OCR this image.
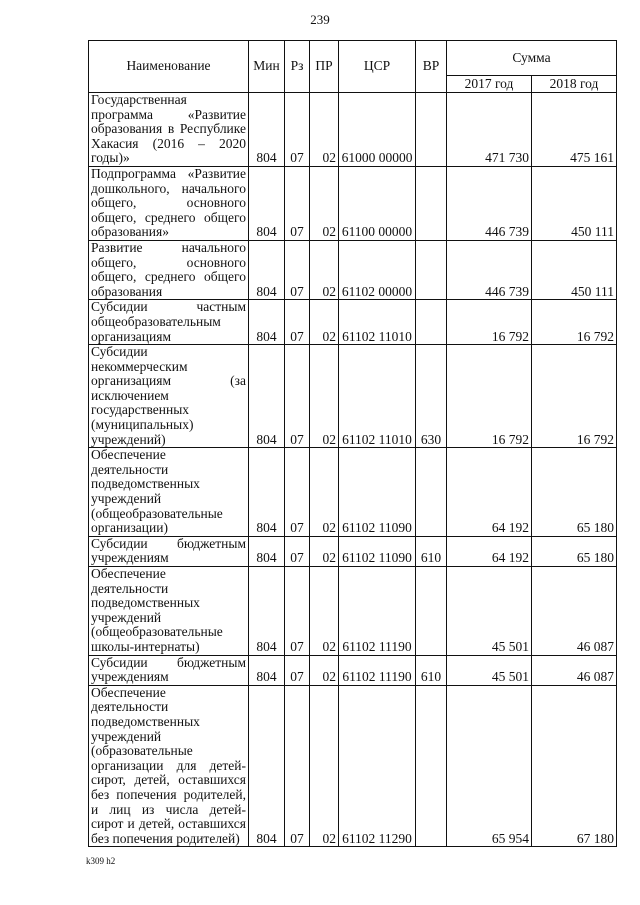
239
Наименование	Мин	Рз	ПР	ЦСР	ВР	Сумма	
						2017 год	2018 год
Государственная программа «Развитие образования в Республике Хакасия (2016 – 2020 годы)»	804	07	02	61000 00000		471 730	475 161
Подпрограмма «Развитие дошкольного, начального общего, основного общего, среднего общего образования»	804	07	02	61100 00000		446 739	450 111
Развитие начального общего, основного общего, среднего общего образования	804	07	02	61102 00000		446 739	450 111
Субсидии частным общеобразовательным организациям	804	07	02	61102 11010		16 792	16 792
Субсидии некоммерческим организациям (за исключением государственных (муниципальных) учреждений)	804	07	02	61102 11010	630	16 792	16 792
Обеспечение деятельности подведомственных учреждений (общеобразовательные организации)	804	07	02	61102 11090		64 192	65 180
Субсидии бюджетным учреждениям	804	07	02	61102 11090	610	64 192	65 180
Обеспечение деятельности подведомственных учреждений (общеобразовательные школы-интернаты)	804	07	02	61102 11190		45 501	46 087
Субсидии бюджетным учреждениям	804	07	02	61102 11190	610	45 501	46 087
Обеспечение деятельности подведомственных учреждений (образовательные организации для детей-сирот, детей, оставшихся без попечения родителей, и лиц из числа детей-сирот и детей, оставшихся без попечения родителей)	804	07	02	61102 11290		65 954	67 180
k309 h2
